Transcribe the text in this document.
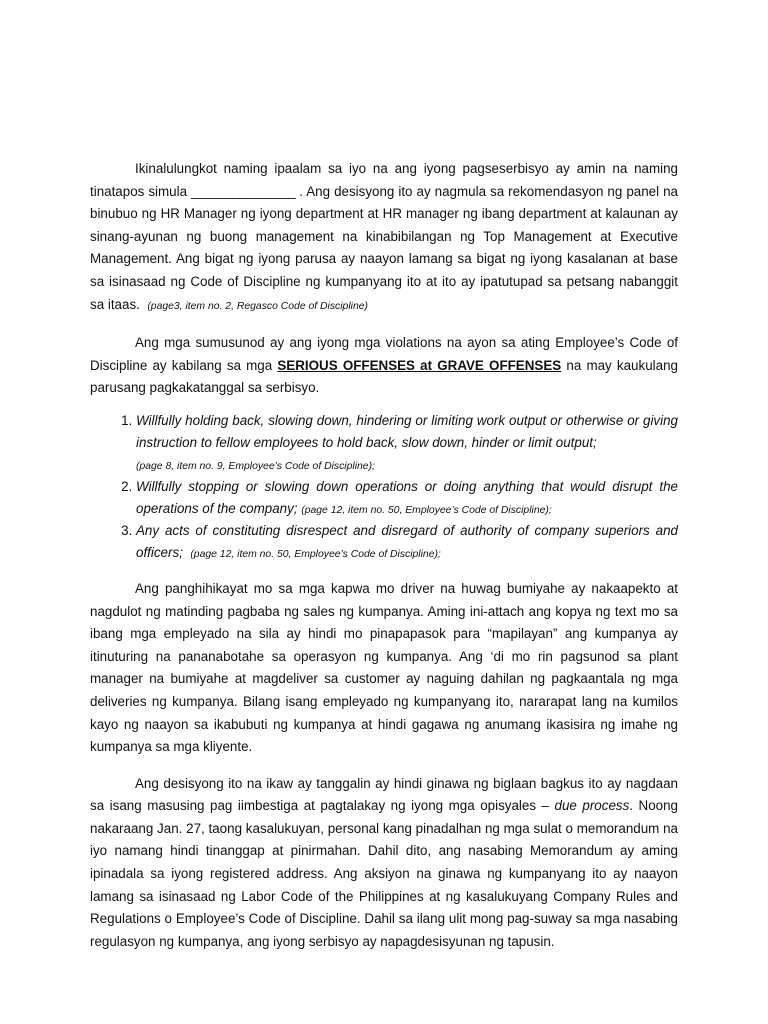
Ikinalulungkot naming ipaalam sa iyo na ang iyong pagseserbisyo ay amin na naming tinatapos simula _______________ . Ang desisyong ito ay nagmula sa rekomendasyon ng panel na binubuo ng HR Manager ng iyong department at HR manager ng ibang department at kalaunan ay sinang-ayunan ng buong management na kinabibilangan ng Top Management at Executive Management. Ang bigat ng iyong parusa ay naayon lamang sa bigat ng iyong kasalanan at base sa isinasaad ng Code of Discipline ng kumpanyang ito at ito ay ipatutupad sa petsang nabanggit sa itaas. (page3, item no. 2, Regasco Code of Discipline)

Ang mga sumusunod ay ang iyong mga violations na ayon sa ating Employee’s Code of Discipline ay kabilang sa mga SERIOUS OFFENSES at GRAVE OFFENSES na may kaukulang parusang pagkakatanggal sa serbisyo.

1. Willfully holding back, slowing down, hindering or limiting work output or otherwise or giving instruction to fellow employees to hold back, slow down, hinder or limit output;
(page 8, item no. 9, Employee’s Code of Discipline);
2. Willfully stopping or slowing down operations or doing anything that would disrupt the operations of the company; (page 12, item no. 50, Employee’s Code of Discipline);
3. Any acts of constituting disrespect and disregard of authority of company superiors and officers; (page 12, item no. 50, Employee’s Code of Discipline);

Ang panghihikayat mo sa mga kapwa mo driver na huwag bumiyahe ay nakaapekto at nagdulot ng matinding pagbaba ng sales ng kumpanya. Aming ini-attach ang kopya ng text mo sa ibang mga empleyado na sila ay hindi mo pinapapasok para “mapilayan” ang kumpanya ay itinuturing na pananabotahe sa operasyon ng kumpanya. Ang ‘di mo rin pagsunod sa plant manager na bumiyahe at magdeliver sa customer ay naguing dahilan ng pagkaantala ng mga deliveries ng kumpanya. Bilang isang empleyado ng kumpanyang ito, nararapat lang na kumilos kayo ng naayon sa ikabubuti ng kumpanya at hindi gagawa ng anumang ikasisira ng imahe ng kumpanya sa mga kliyente.

Ang desisyong ito na ikaw ay tanggalin ay hindi ginawa ng biglaan bagkus ito ay nagdaan sa isang masusing pag iimbestiga at pagtalakay ng iyong mga opisyales – due process. Noong nakaraang Jan. 27, taong kasalukuyan, personal kang pinadalhan ng mga sulat o memorandum na iyo namang hindi tinanggap at pinirmahan. Dahil dito, ang nasabing Memorandum ay aming ipinadala sa iyong registered address. Ang aksiyon na ginawa ng kumpanyang ito ay naayon lamang sa isinasaad ng Labor Code of the Philippines at ng kasalukuyang Company Rules and Regulations o Employee’s Code of Discipline. Dahil sa ilang ulit mong pag-suway sa mga nasabing regulasyon ng kumpanya, ang iyong serbisyo ay napagdesisyunan ng tapusin.
